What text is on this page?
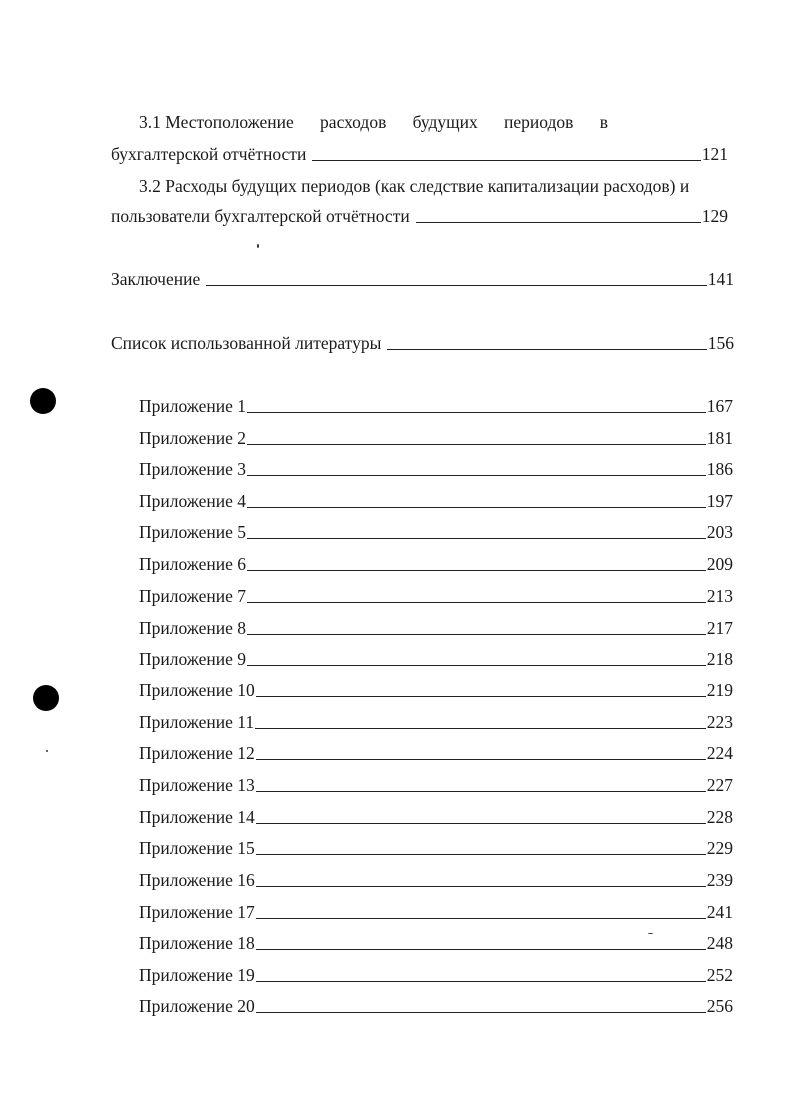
3.1 Местоположение расходов будущих периодов в
бухгалтерской отчётности	121
3.2 Расходы будущих периодов (как следствие капитализации расходов) и
пользователи бухгалтерской отчётности	129
Заключение	141
Список использованной литературы	156
Приложение 1	167
Приложение 2	181
Приложение 3	186
Приложение 4	197
Приложение 5	203
Приложение 6	209
Приложение 7	213
Приложение 8	217
Приложение 9	218
Приложение 10	219
Приложение 11	223
Приложение 12	224
Приложение 13	227
Приложение 14	228
Приложение 15	229
Приложение 16	239
Приложение 17	241
Приложение 18	248
Приложение 19	252
Приложение 20	256
